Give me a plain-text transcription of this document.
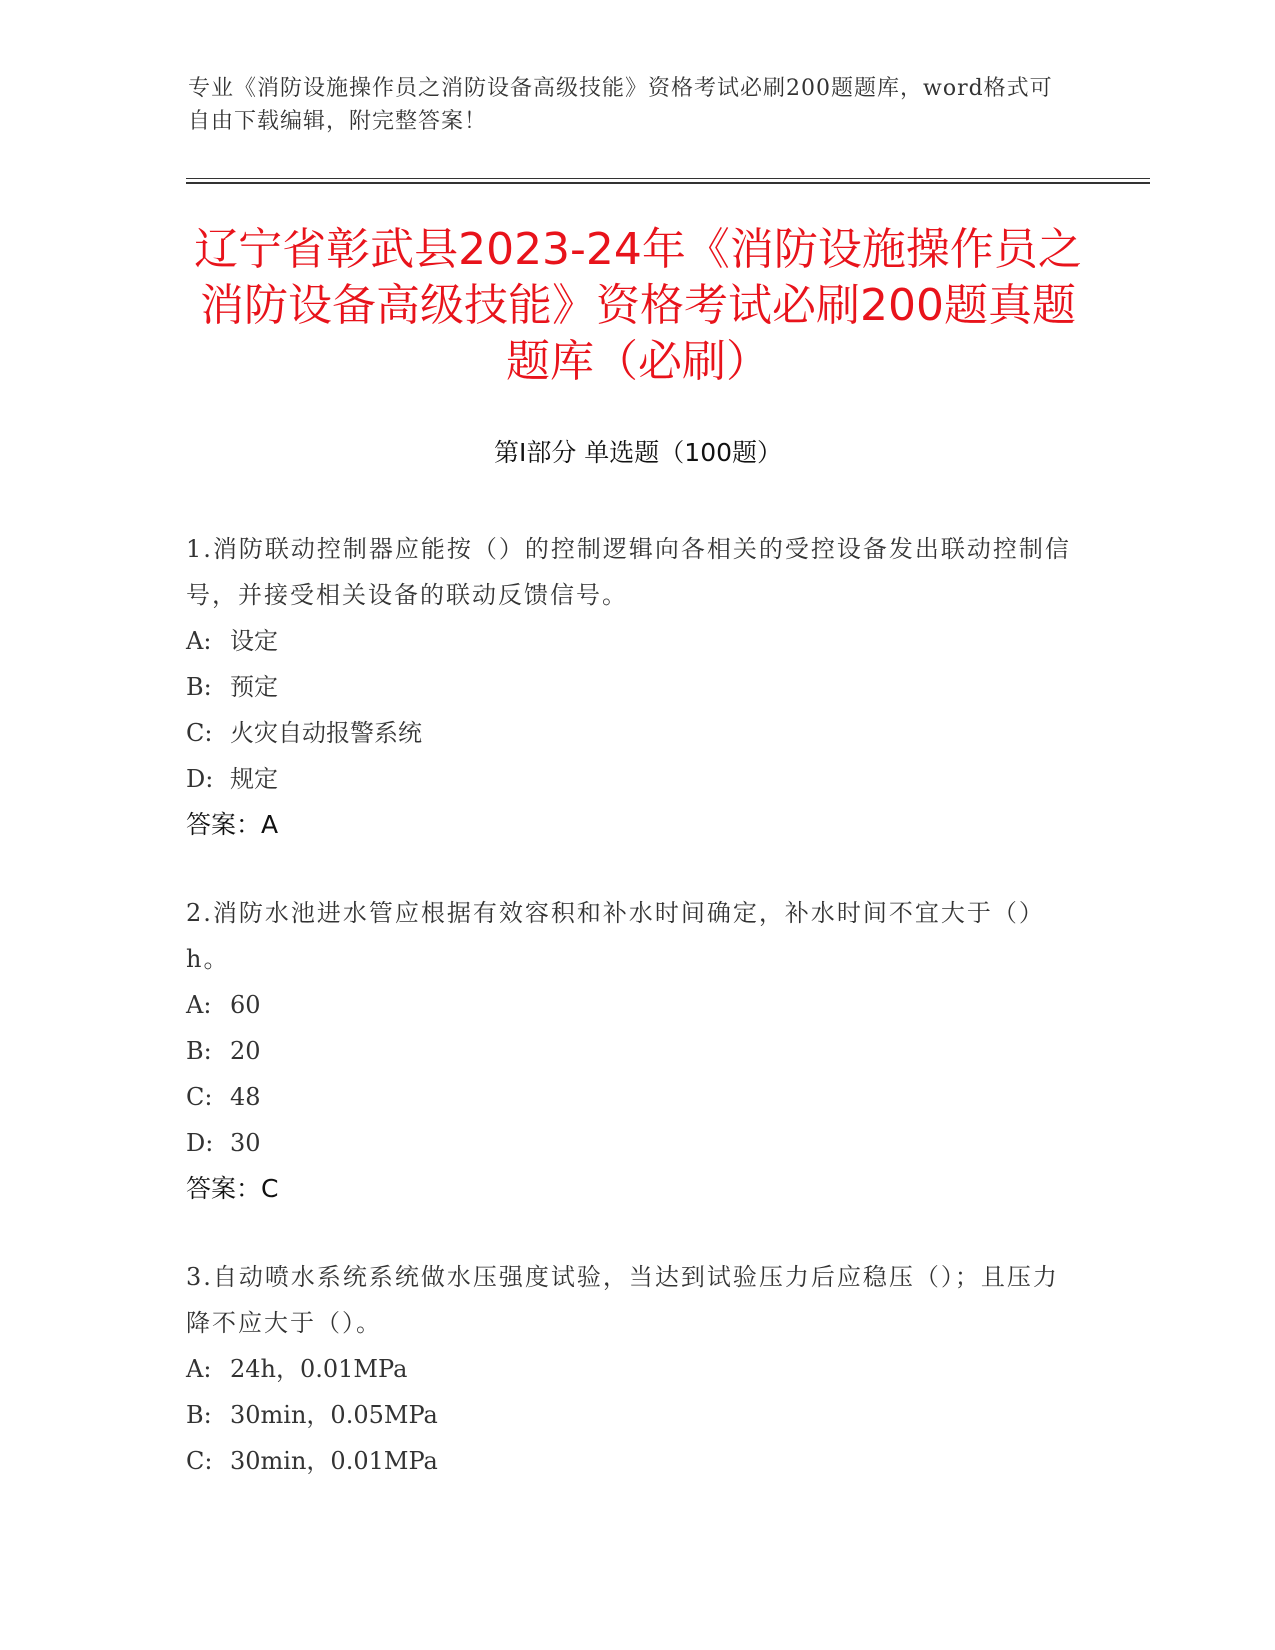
专业《消防设施操作员之消防设备高级技能》资格考试必刷200题题库，word格式可自由下载编辑，附完整答案！
辽宁省彰武县2023-24年《消防设施操作员之消防设备高级技能》资格考试必刷200题真题题库（必刷）
第Ⅰ部分 单选题（100题）

1.消防联动控制器应能按（）的控制逻辑向各相关的受控设备发出联动控制信号，并接受相关设备的联动反馈信号。

A: 设定

B: 预定

C: 火灾自动报警系统

D: 规定

答案：A

2.消防水池进水管应根据有效容积和补水时间确定，补水时间不宜大于（）h。

A: 60

B: 20

C: 48

D: 30

答案：C

3.自动喷水系统系统做水压强度试验，当达到试验压力后应稳压（）；且压力降不应大于（）。

A: 24h，0.01MPa

B: 30min，0.05MPa

C: 30min，0.01MPa
